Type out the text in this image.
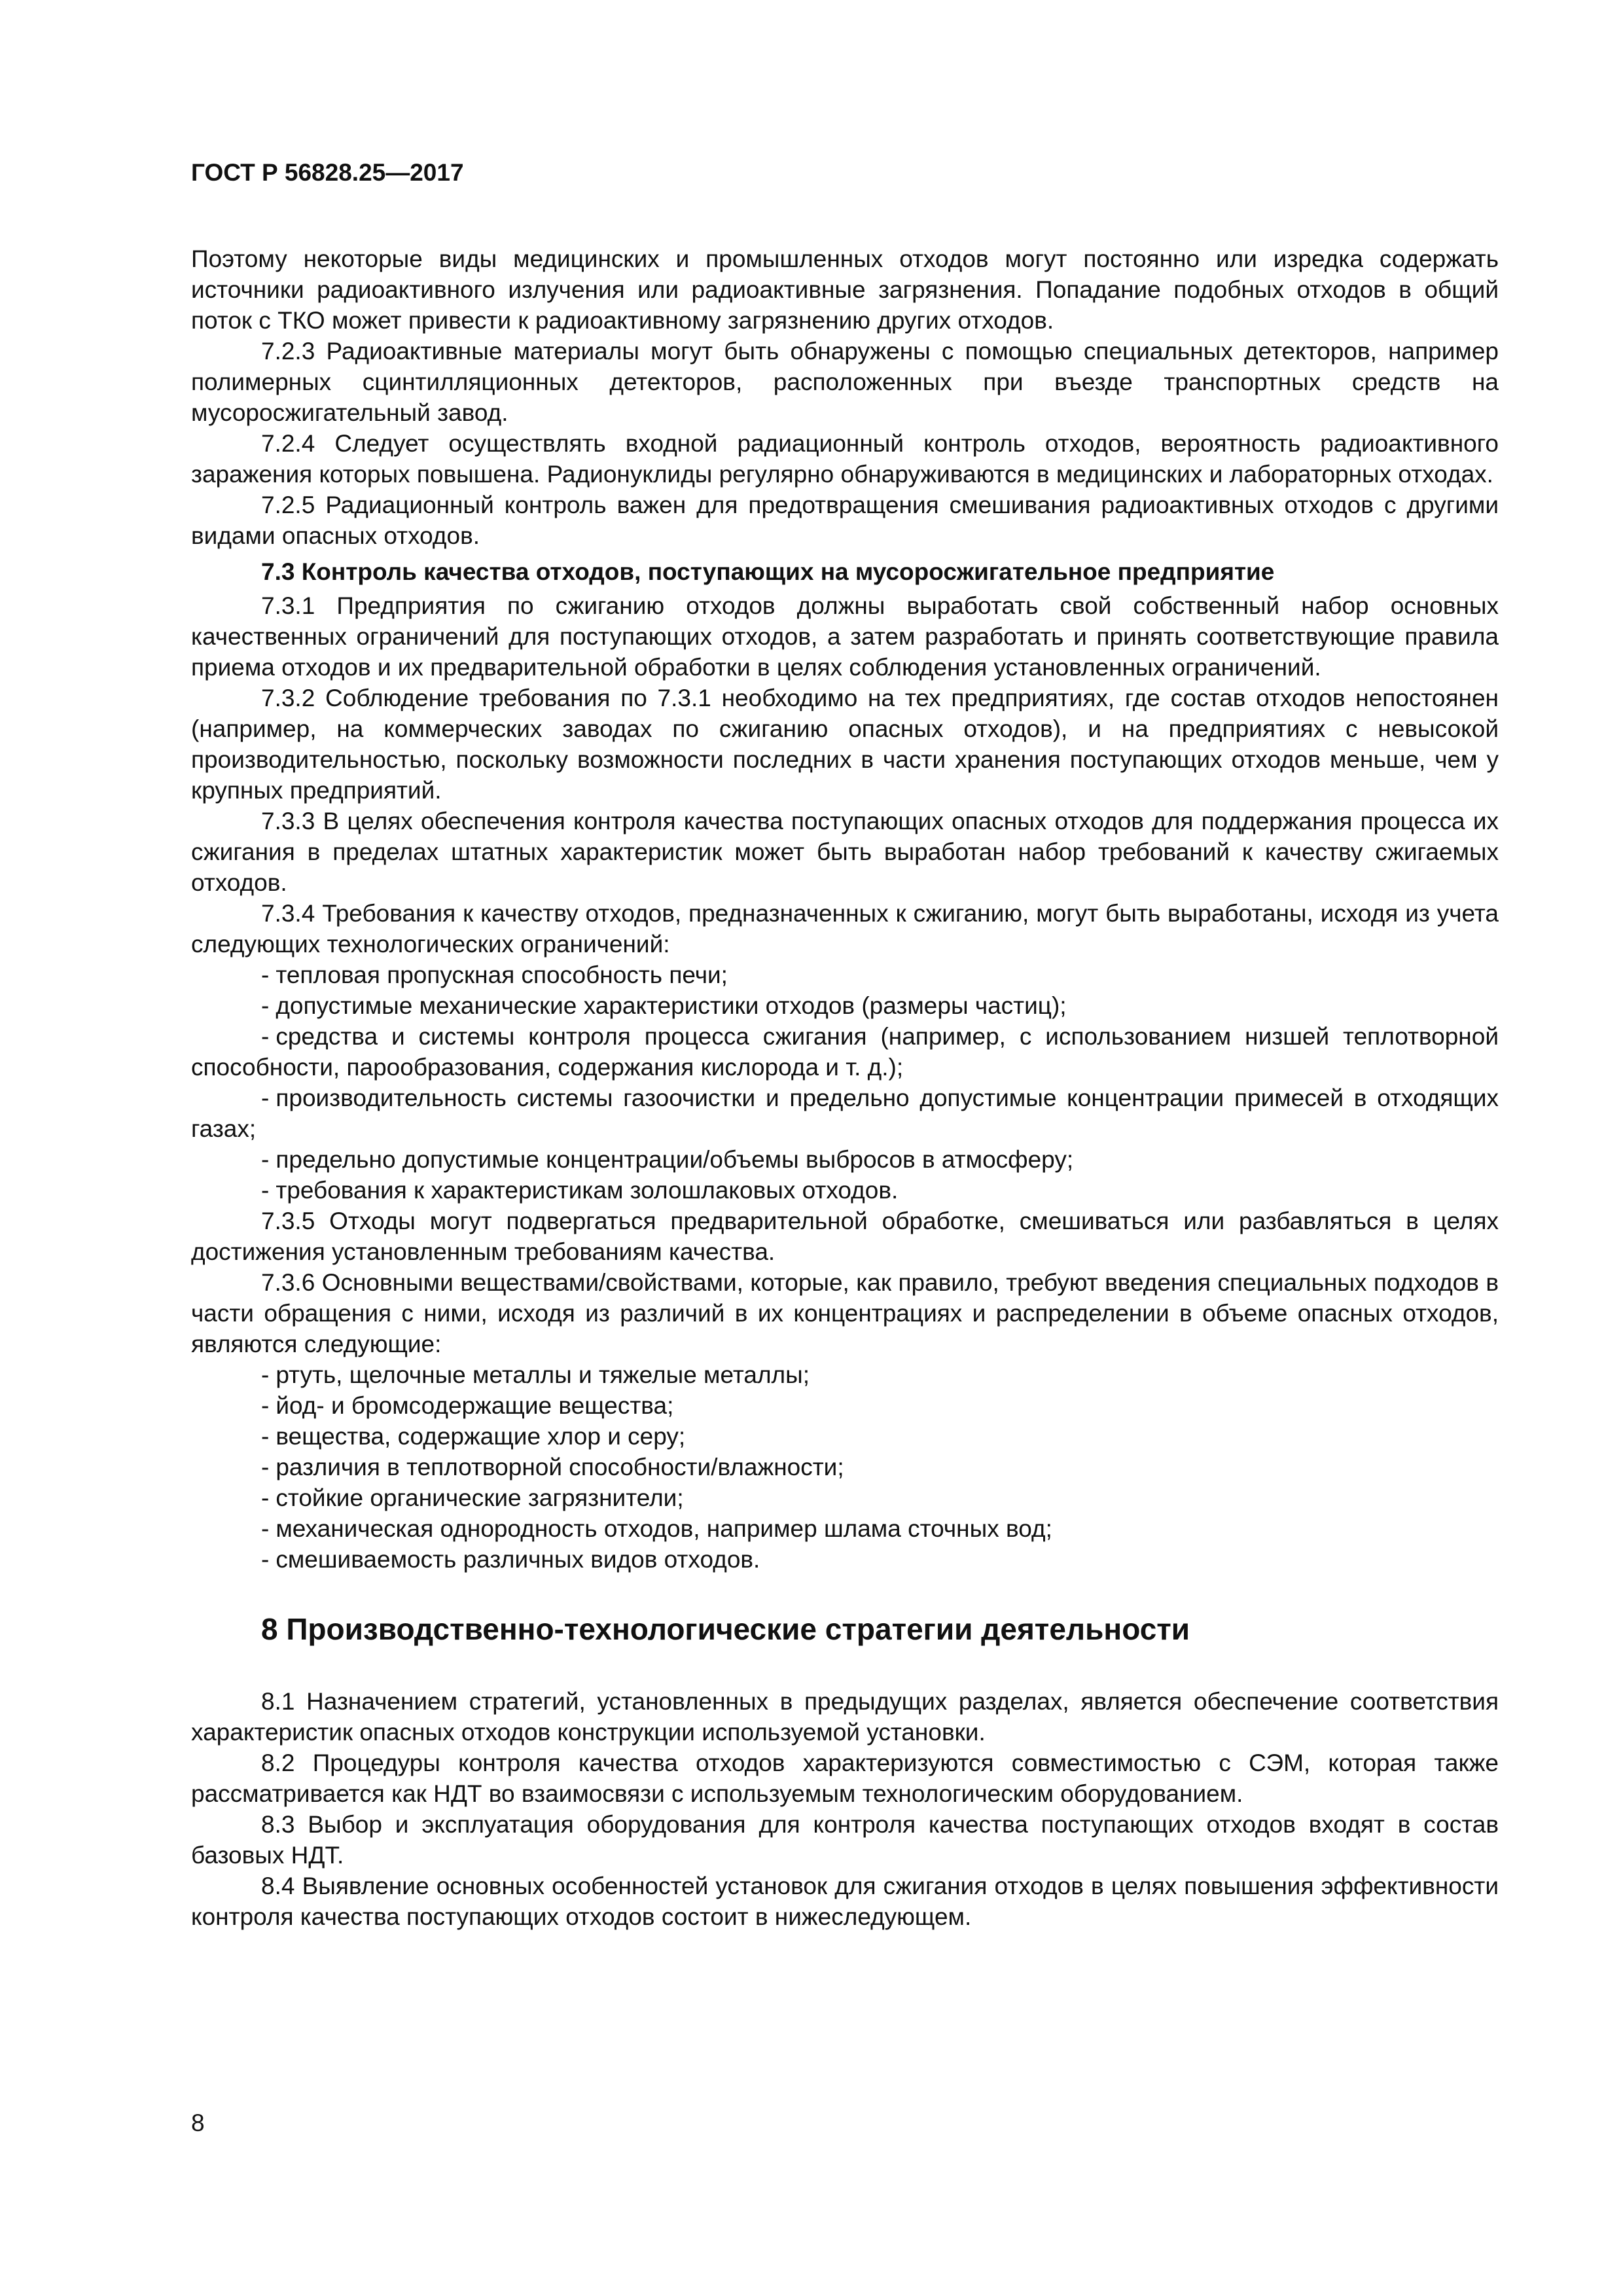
ГОСТ Р 56828.25—2017

Поэтому некоторые виды медицинских и промышленных отходов могут постоянно или изредка содержать источники радиоактивного излучения или радиоактивные загрязнения. Попадание подобных отходов в общий поток с ТКО может привести к радиоактивному загрязнению других отходов.

7.2.3 Радиоактивные материалы могут быть обнаружены с помощью специальных детекторов, например полимерных сцинтилляционных детекторов, расположенных при въезде транспортных средств на мусоросжигательный завод.

7.2.4 Следует осуществлять входной радиационный контроль отходов, вероятность радиоактивного заражения которых повышена. Радионуклиды регулярно обнаруживаются в медицинских и лабораторных отходах.

7.2.5 Радиационный контроль важен для предотвращения смешивания радиоактивных отходов с другими видами опасных отходов.

7.3 Контроль качества отходов, поступающих на мусоросжигательное предприятие

7.3.1 Предприятия по сжиганию отходов должны выработать свой собственный набор основных качественных ограничений для поступающих отходов, а затем разработать и принять соответствующие правила приема отходов и их предварительной обработки в целях соблюдения установленных ограничений.

7.3.2 Соблюдение требования по 7.3.1 необходимо на тех предприятиях, где состав отходов непостоянен (например, на коммерческих заводах по сжиганию опасных отходов), и на предприятиях с невысокой производительностью, поскольку возможности последних в части хранения поступающих отходов меньше, чем у крупных предприятий.

7.3.3 В целях обеспечения контроля качества поступающих опасных отходов для поддержания процесса их сжигания в пределах штатных характеристик может быть выработан набор требований к качеству сжигаемых отходов.

7.3.4 Требования к качеству отходов, предназначенных к сжиганию, могут быть выработаны, исходя из учета следующих технологических ограничений:

- тепловая пропускная способность печи;
- допустимые механические характеристики отходов (размеры частиц);
- средства и системы контроля процесса сжигания (например, с использованием низшей теплотворной способности, парообразования, содержания кислорода и т. д.);
- производительность системы газоочистки и предельно допустимые концентрации примесей в отходящих газах;
- предельно допустимые концентрации/объемы выбросов в атмосферу;
- требования к характеристикам золошлаковых отходов.

7.3.5 Отходы могут подвергаться предварительной обработке, смешиваться или разбавляться в целях достижения установленным требованиям качества.

7.3.6 Основными веществами/свойствами, которые, как правило, требуют введения специальных подходов в части обращения с ними, исходя из различий в их концентрациях и распределении в объеме опасных отходов, являются следующие:

- ртуть, щелочные металлы и тяжелые металлы;
- йод- и бромсодержащие вещества;
- вещества, содержащие хлор и серу;
- различия в теплотворной способности/влажности;
- стойкие органические загрязнители;
- механическая однородность отходов, например шлама сточных вод;
- смешиваемость различных видов отходов.
8 Производственно-технологические стратегии деятельности

8.1 Назначением стратегий, установленных в предыдущих разделах, является обеспечение соответствия характеристик опасных отходов конструкции используемой установки.

8.2 Процедуры контроля качества отходов характеризуются совместимостью с СЭМ, которая также рассматривается как НДТ во взаимосвязи с используемым технологическим оборудованием.

8.3 Выбор и эксплуатация оборудования для контроля качества поступающих отходов входят в состав базовых НДТ.

8.4 Выявление основных особенностей установок для сжигания отходов в целях повышения эффективности контроля качества поступающих отходов состоит в нижеследующем.

8
